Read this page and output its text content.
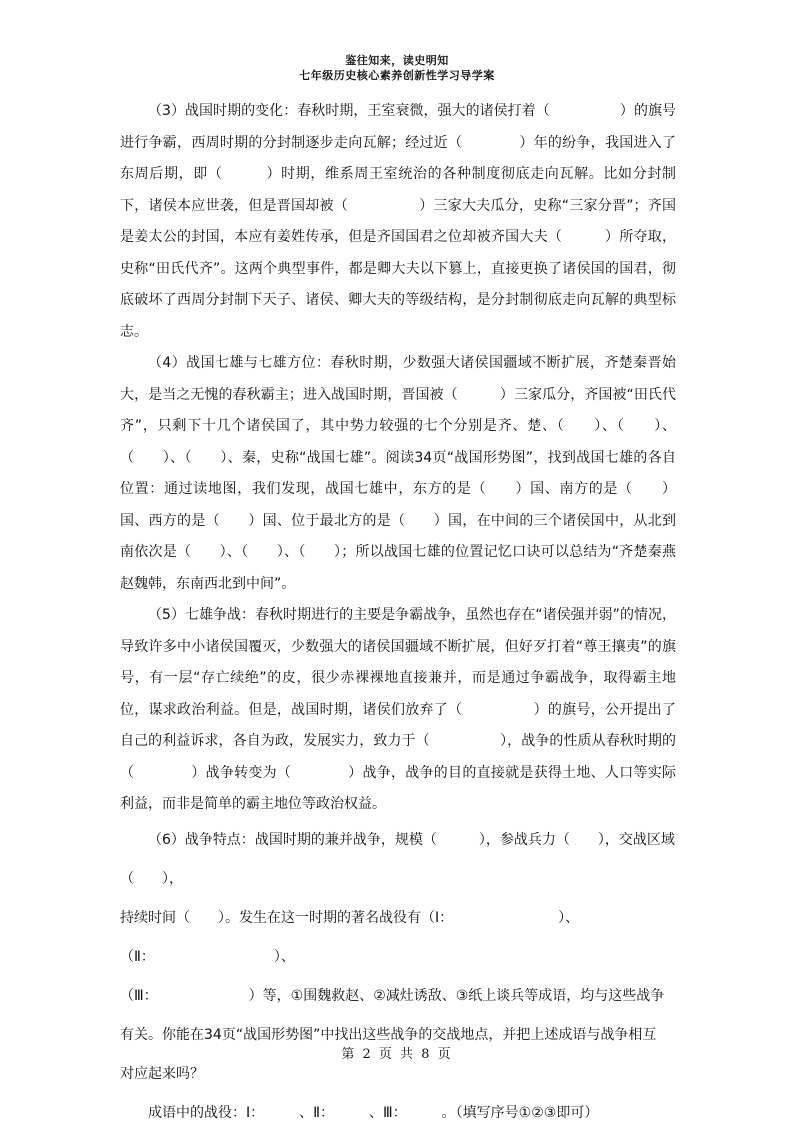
鉴往知来，读史明知
七年级历史核心素养创新性学习导学案

（3）战国时期的变化：春秋时期，王室衰微，强大的诸侯打着（　　　　　）的旗号进行争霸，西周时期的分封制逐步走向瓦解；经过近（　　　　）年的纷争，我国进入了东周后期，即（　　　）时期，维系周王室统治的各种制度彻底走向瓦解。比如分封制下，诸侯本应世袭，但是晋国却被（　　　　　）三家大夫瓜分，史称“三家分晋”；齐国是姜太公的封国，本应有姜姓传承，但是齐国国君之位却被齐国大夫（　　　）所夺取，史称“田氏代齐”。这两个典型事件，都是卿大夫以下篡上，直接更换了诸侯国的国君，彻底破坏了西周分封制下天子、诸侯、卿大夫的等级结构，是分封制彻底走向瓦解的典型标志。

（4）战国七雄与七雄方位：春秋时期，少数强大诸侯国疆域不断扩展，齐楚秦晋始大，是当之无愧的春秋霸主；进入战国时期，晋国被（　　　）三家瓜分，齐国被“田氏代齐”，只剩下十几个诸侯国了，其中势力较强的七个分别是齐、楚、（　　）、（　　）、（　　）、（　　）、秦，史称“战国七雄”。阅读34页“战国形势图”，找到战国七雄的各自位置：通过读地图，我们发现，战国七雄中，东方的是（　　）国、南方的是（　　）国、西方的是（　　）国、位于最北方的是（　　）国，在中间的三个诸侯国中，从北到南依次是（　　）、（　　）、（　　）；所以战国七雄的位置记忆口诀可以总结为“齐楚秦燕赵魏韩，东南西北到中间”。

（5）七雄争战：春秋时期进行的主要是争霸战争，虽然也存在“诸侯强并弱”的情况，导致许多中小诸侯国覆灭，少数强大的诸侯国疆域不断扩展，但好歹打着“尊王攘夷”的旗号，有一层“存亡续绝”的皮，很少赤裸裸地直接兼并，而是通过争霸战争，取得霸主地位，谋求政治利益。但是，战国时期，诸侯们放弃了（　　　　　）的旗号，公开提出了自己的利益诉求，各自为政，发展实力，致力于（　　　　　），战争的性质从春秋时期的（　　　　）战争转变为（　　　　）战争，战争的目的直接就是获得土地、人口等实际利益，而非是简单的霸主地位等政治权益。

（6）战争特点：战国时期的兼并战争，规模（　　　），参战兵力（　　），交战区域（　　），

持续时间（　　）。发生在这一时期的著名战役有（Ⅰ：　　　　　　　　）、（Ⅱ：　　　　　　　　　）、

（Ⅲ：　　　　　　　）等，①围魏救赵、②减灶诱敌、③纸上谈兵等成语，均与这些战争

有关。你能在34页“战国形势图”中找出这些战争的交战地点，并把上述成语与战争相互

对应起来吗？

成语中的战役：Ⅰ：　　　、Ⅱ：　　　、Ⅲ：　　　。（填写序号①②③即可）

第 2 页 共 8 页
